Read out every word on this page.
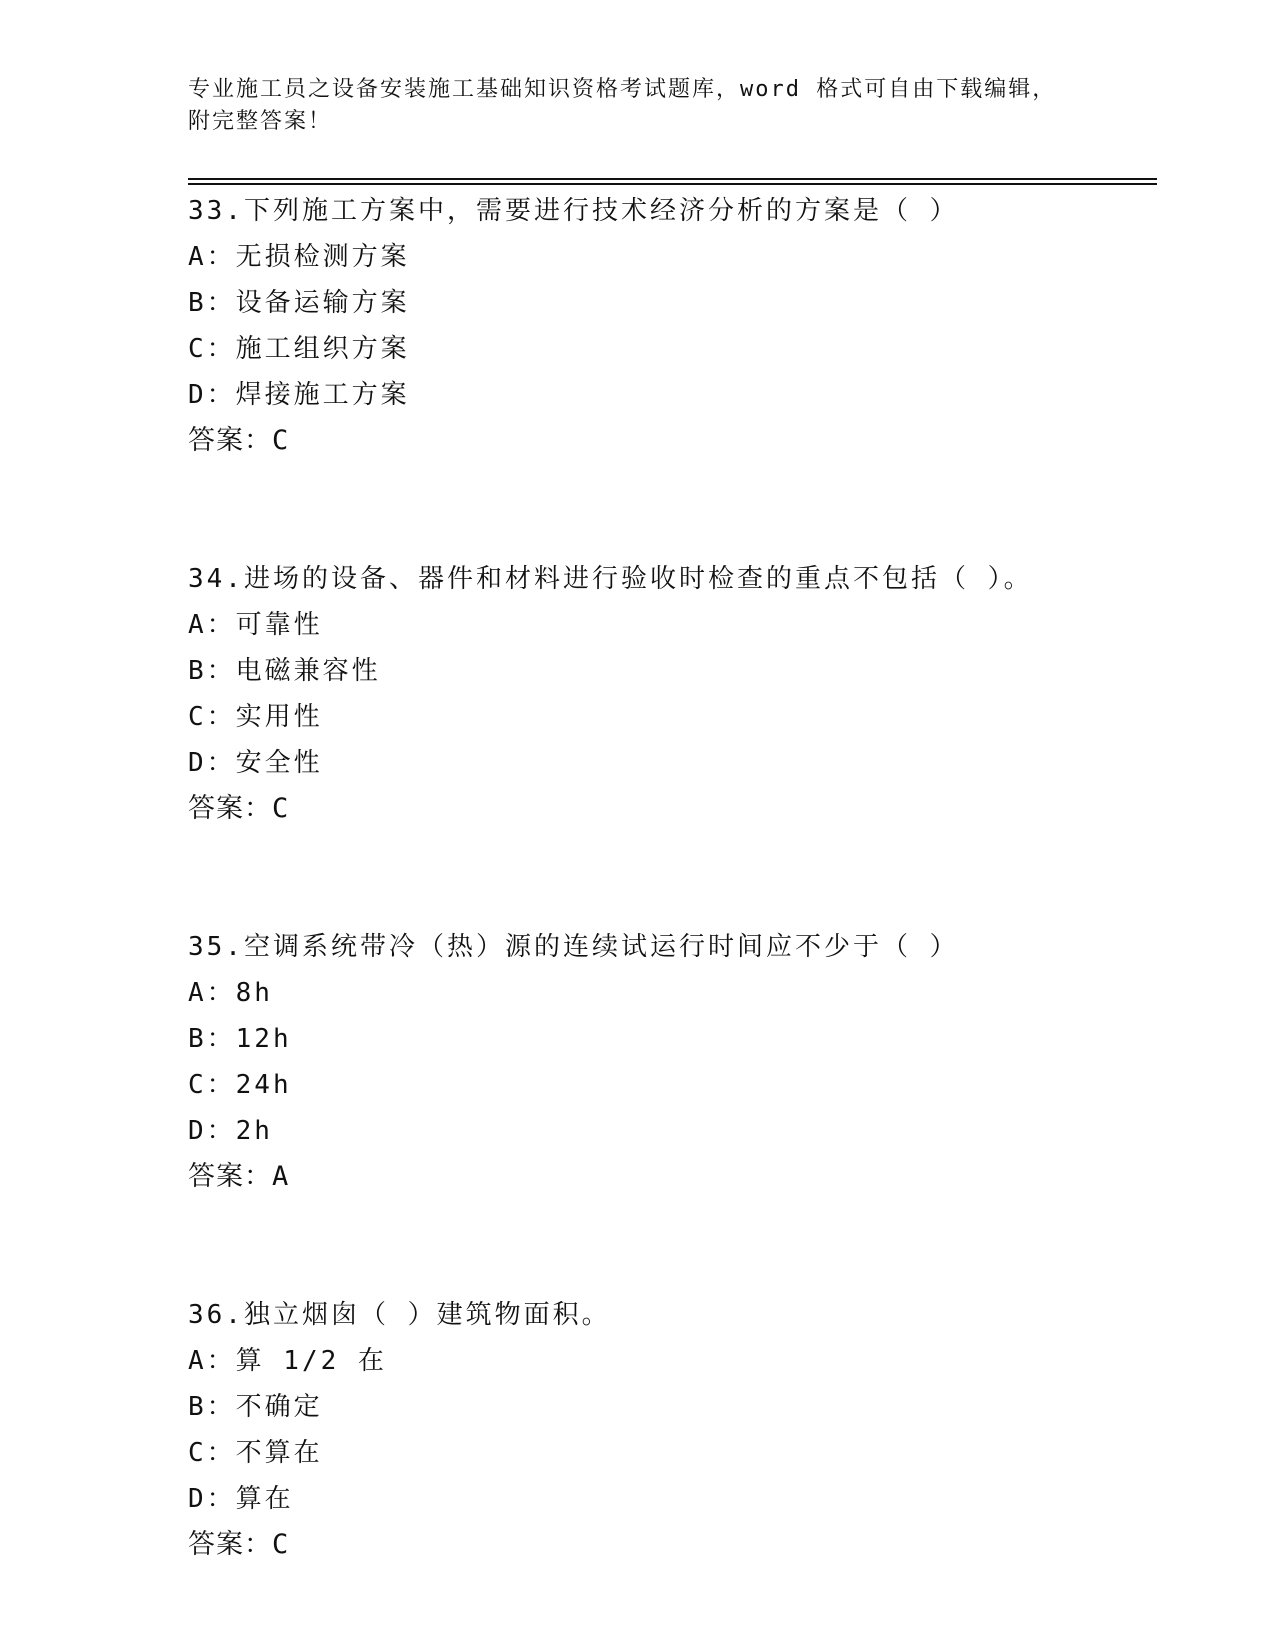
专业施工员之设备安装施工基础知识资格考试题库，word 格式可自由下载编辑，
附完整答案！
33.下列施工方案中，需要进行技术经济分析的方案是（ ）
A：无损检测方案
B：设备运输方案
C：施工组织方案
D：焊接施工方案
答案：C
34.进场的设备、器件和材料进行验收时检查的重点不包括（ ）。
A：可靠性
B：电磁兼容性
C：实用性
D：安全性
答案：C
35.空调系统带冷（热）源的连续试运行时间应不少于（ ）
A：8h
B：12h
C：24h
D：2h
答案：A
36.独立烟囱（ ）建筑物面积。
A：算 1/2 在
B：不确定
C：不算在
D：算在
答案：C
